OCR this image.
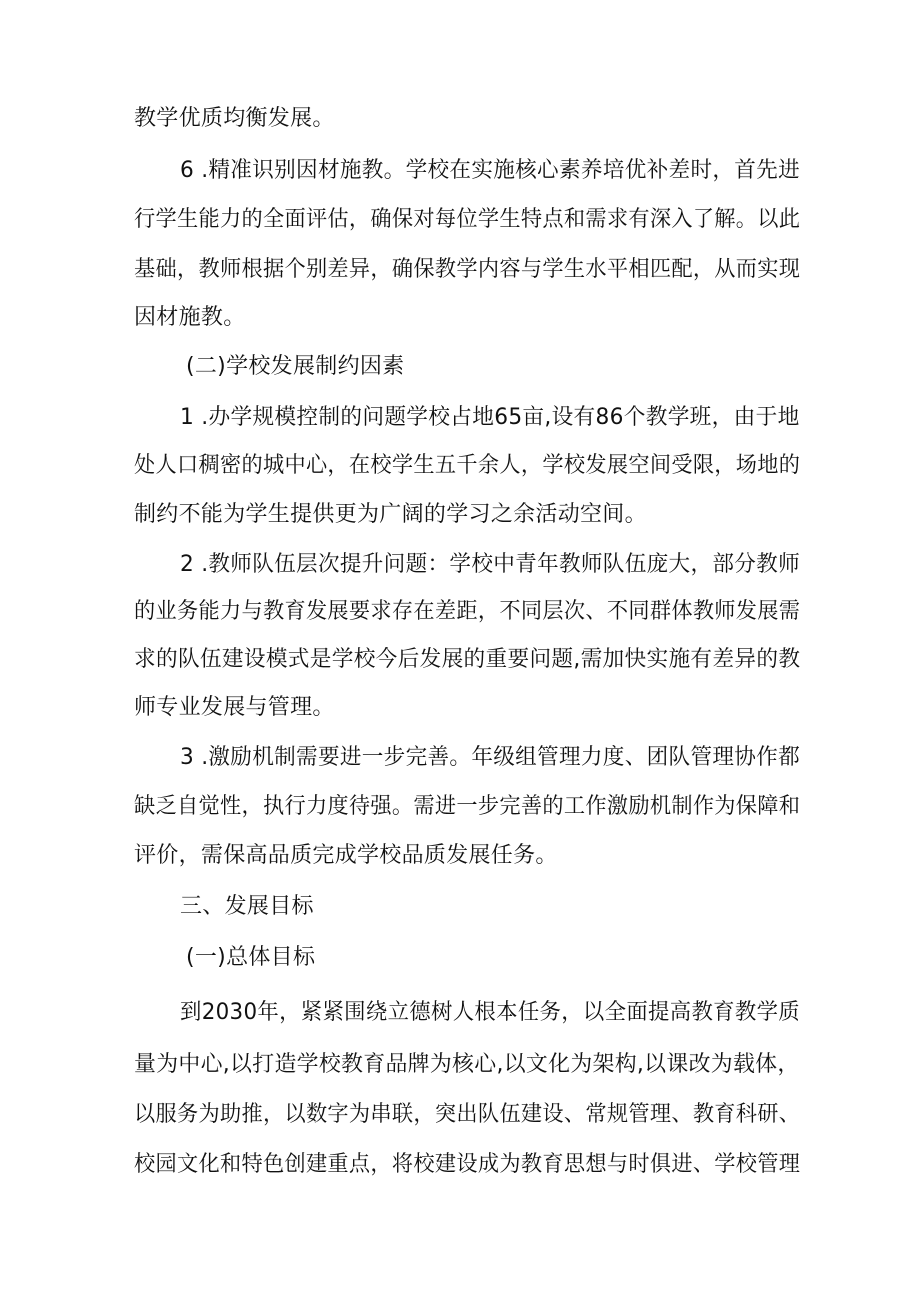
教学优质均衡发展。
6 .精准识别因材施教。学校在实施核心素养培优补差时，首先进
行学生能力的全面评估，确保对每位学生特点和需求有深入了解。以此
基础，教师根据个别差异，确保教学内容与学生水平相匹配，从而实现
因材施教。
(二)学校发展制约因素
1 .办学规模控制的问题学校占地65亩,设有86个教学班，由于地
处人口稠密的城中心，在校学生五千余人，学校发展空间受限，场地的
制约不能为学生提供更为广阔的学习之余活动空间。
2 .教师队伍层次提升问题：学校中青年教师队伍庞大，部分教师
的业务能力与教育发展要求存在差距，不同层次、不同群体教师发展需
求的队伍建设模式是学校今后发展的重要问题,需加快实施有差异的教
师专业发展与管理。
3 .激励机制需要进一步完善。年级组管理力度、团队管理协作都
缺乏自觉性，执行力度待强。需进一步完善的工作激励机制作为保障和
评价，需保高品质完成学校品质发展任务。
三、发展目标
(一)总体目标
到2030年，紧紧围绕立德树人根本任务，以全面提高教育教学质
量为中心,以打造学校教育品牌为核心,以文化为架构,以课改为载体，
以服务为助推，以数字为串联，突出队伍建设、常规管理、教育科研、
校园文化和特色创建重点，将校建设成为教育思想与时俱进、学校管理
